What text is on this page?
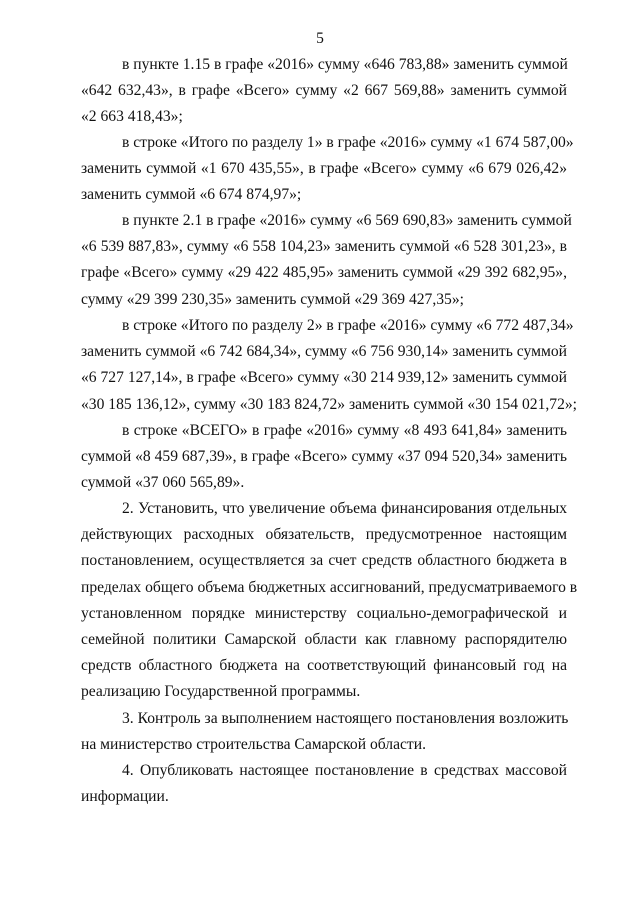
5
в пункте 1.15 в графе «2016» сумму «646 783,88» заменить суммой
«642 632,43», в графе «Всего» сумму «2 667 569,88» заменить суммой
«2 663 418,43»;
в строке «Итого по разделу 1» в графе «2016» сумму «1 674 587,00»
заменить суммой «1 670 435,55», в графе «Всего» сумму «6 679 026,42»
заменить суммой «6 674 874,97»;
в пункте 2.1 в графе «2016» сумму «6 569 690,83» заменить суммой
«6 539 887,83», сумму «6 558 104,23» заменить суммой «6 528 301,23», в
графе «Всего» сумму «29 422 485,95» заменить суммой «29 392 682,95»,
сумму «29 399 230,35» заменить суммой «29 369 427,35»;
в строке «Итого по разделу 2» в графе «2016» сумму «6 772 487,34»
заменить суммой «6 742 684,34», сумму «6 756 930,14» заменить суммой
«6 727 127,14», в графе «Всего» сумму «30 214 939,12» заменить суммой
«30 185 136,12», сумму «30 183 824,72» заменить суммой «30 154 021,72»;
в строке «ВСЕГО» в графе «2016» сумму «8 493 641,84» заменить
суммой «8 459 687,39», в графе «Всего» сумму «37 094 520,34» заменить
суммой «37 060 565,89».
2. Установить, что увеличение объема финансирования отдельных
действующих расходных обязательств, предусмотренное настоящим
постановлением, осуществляется за счет средств областного бюджета в
пределах общего объема бюджетных ассигнований, предусматриваемого в
установленном порядке министерству социально-демографической и
семейной политики Самарской области как главному распорядителю
средств областного бюджета на соответствующий финансовый год на
реализацию Государственной программы.
3. Контроль за выполнением настоящего постановления возложить
на министерство строительства Самарской области.
4. Опубликовать настоящее постановление в средствах массовой
информации.
